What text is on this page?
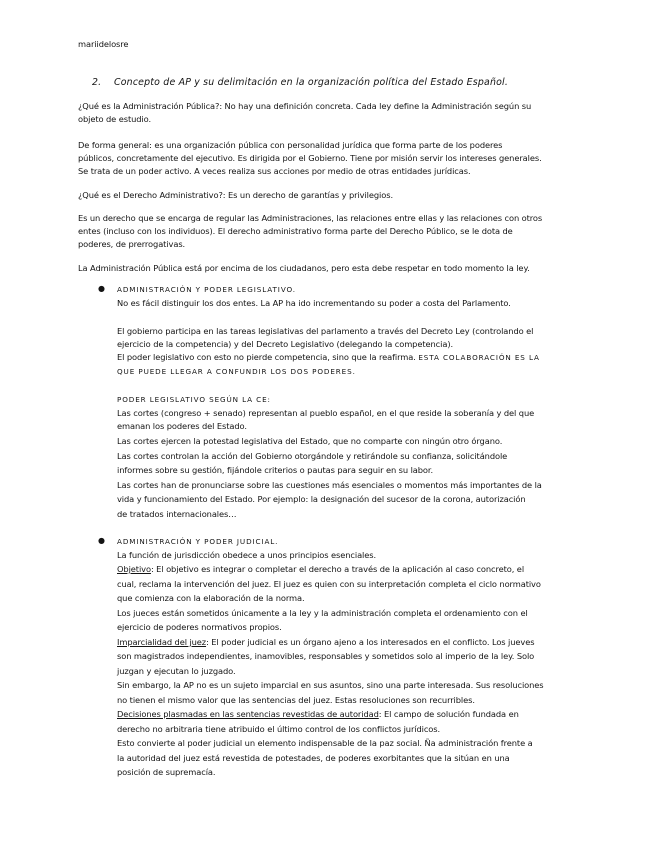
mariidelosre
2. Concepto de AP y su delimitación en la organización política del Estado Español.
¿Qué es la Administración Pública?: No hay una definición concreta. Cada ley define la Administración según su
objeto de estudio.
De forma general: es una organización pública con personalidad jurídica que forma parte de los poderes
públicos, concretamente del ejecutivo. Es dirigida por el Gobierno. Tiene por misión servir los intereses generales.
Se trata de un poder activo. A veces realiza sus acciones por medio de otras entidades jurídicas.
¿Qué es el Derecho Administrativo?: Es un derecho de garantías y privilegios.
Es un derecho que se encarga de regular las Administraciones, las relaciones entre ellas y las relaciones con otros
entes (incluso con los individuos). El derecho administrativo forma parte del Derecho Público, se le dota de
poderes, de prerrogativas.
La Administración Pública está por encima de los ciudadanos, pero esta debe respetar en todo momento la ley.
● ADMINISTRACIÓN Y PODER LEGISLATIVO.
No es fácil distinguir los dos entes. La AP ha ido incrementando su poder a costa del Parlamento.
El gobierno participa en las tareas legislativas del parlamento a través del Decreto Ley (controlando el
ejercicio de la competencia) y del Decreto Legislativo (delegando la competencia).
El poder legislativo con esto no pierde competencia, sino que la reafirma. ESTA COLABORACIÓN ES LA
QUE PUEDE LLEGAR A CONFUNDIR LOS DOS PODERES.
PODER LEGISLATIVO SEGÚN LA CE:
Las cortes (congreso + senado) representan al pueblo español, en el que reside la soberanía y del que
emanan los poderes del Estado.
Las cortes ejercen la potestad legislativa del Estado, que no comparte con ningún otro órgano.
Las cortes controlan la acción del Gobierno otorgándole y retirándole su confianza, solicitándole
informes sobre su gestión, fijándole criterios o pautas para seguir en su labor.
Las cortes han de pronunciarse sobre las cuestiones más esenciales o momentos más importantes de la
vida y funcionamiento del Estado. Por ejemplo: la designación del sucesor de la corona, autorización
de tratados internacionales…
● ADMINISTRACIÓN Y PODER JUDICIAL.
La función de jurisdicción obedece a unos principios esenciales.
Objetivo: El objetivo es integrar o completar el derecho a través de la aplicación al caso concreto, el
cual, reclama la intervención del juez. El juez es quien con su interpretación completa el ciclo normativo
que comienza con la elaboración de la norma.
Los jueces están sometidos únicamente a la ley y la administración completa el ordenamiento con el
ejercicio de poderes normativos propios.
Imparcialidad del juez: El poder judicial es un órgano ajeno a los interesados en el conflicto. Los jueves
son magistrados independientes, inamovibles, responsables y sometidos solo al imperio de la ley. Solo
juzgan y ejecutan lo juzgado.
Sin embargo, la AP no es un sujeto imparcial en sus asuntos, sino una parte interesada. Sus resoluciones
no tienen el mismo valor que las sentencias del juez. Estas resoluciones son recurribles.
Decisiones plasmadas en las sentencias revestidas de autoridad: El campo de solución fundada en
derecho no arbitraria tiene atribuido el último control de los conflictos jurídicos.
Esto convierte al poder judicial un elemento indispensable de la paz social. Ña administración frente a
la autoridad del juez está revestida de potestades, de poderes exorbitantes que la sitúan en una
posición de supremacía.
